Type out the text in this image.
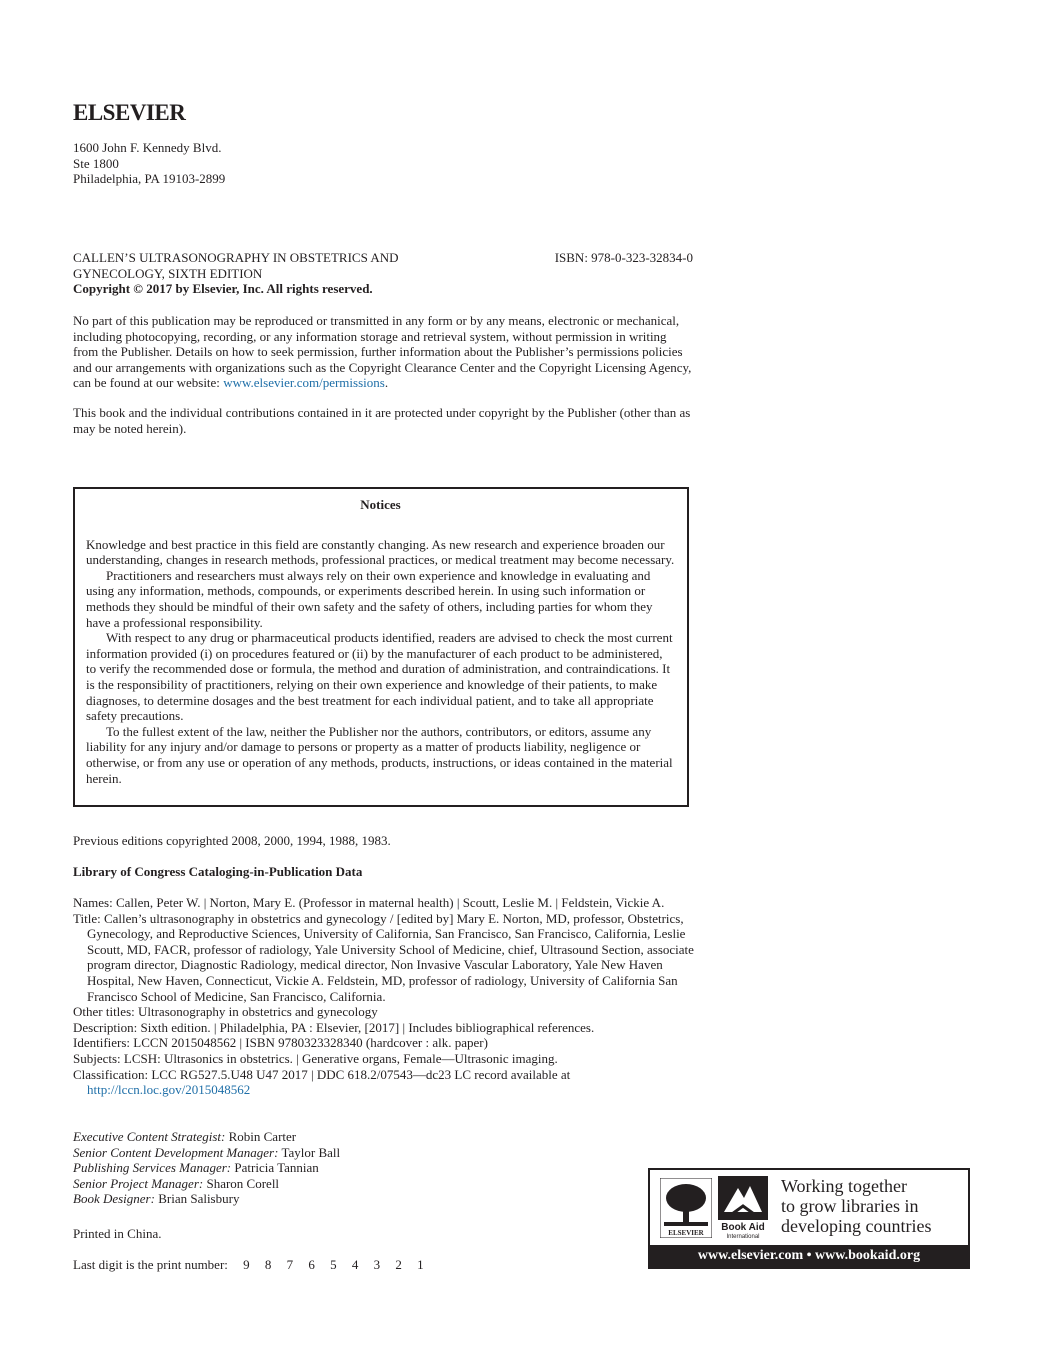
ELSEVIER
1600 John F. Kennedy Blvd.
Ste 1800
Philadelphia, PA 19103-2899
CALLEN’S ULTRASONOGRAPHY IN OBSTETRICS AND
GYNECOLOGY, SIXTH EDITION
Copyright © 2017 by Elsevier, Inc. All rights reserved.
ISBN: 978-0-323-32834-0
No part of this publication may be reproduced or transmitted in any form or by any means, electronic or mechanical, including photocopying, recording, or any information storage and retrieval system, without permission in writing from the Publisher. Details on how to seek permission, further information about the Publisher’s permissions policies and our arrangements with organizations such as the Copyright Clearance Center and the Copyright Licensing Agency, can be found at our website: www.elsevier.com/permissions.
This book and the individual contributions contained in it are protected under copyright by the Publisher (other than as may be noted herein).
Notices

Knowledge and best practice in this field are constantly changing. As new research and experience broaden our understanding, changes in research methods, professional practices, or medical treatment may become necessary.

Practitioners and researchers must always rely on their own experience and knowledge in evaluating and using any information, methods, compounds, or experiments described herein. In using such information or methods they should be mindful of their own safety and the safety of others, including parties for whom they have a professional responsibility.

With respect to any drug or pharmaceutical products identified, readers are advised to check the most current information provided (i) on procedures featured or (ii) by the manufacturer of each product to be administered, to verify the recommended dose or formula, the method and duration of administration, and contraindications. It is the responsibility of practitioners, relying on their own experience and knowledge of their patients, to make diagnoses, to determine dosages and the best treatment for each individual patient, and to take all appropriate safety precautions.

To the fullest extent of the law, neither the Publisher nor the authors, contributors, or editors, assume any liability for any injury and/or damage to persons or property as a matter of products liability, negligence or otherwise, or from any use or operation of any methods, products, instructions, or ideas contained in the material herein.

Previous editions copyrighted 2008, 2000, 1994, 1988, 1983.
Library of Congress Cataloging-in-Publication Data
Names: Callen, Peter W. | Norton, Mary E. (Professor in maternal health) | Scoutt, Leslie M. | Feldstein, Vickie A.
Title: Callen’s ultrasonography in obstetrics and gynecology / [edited by] Mary E. Norton, MD, professor, Obstetrics, Gynecology, and Reproductive Sciences, University of California, San Francisco, San Francisco, California, Leslie Scoutt, MD, FACR, professor of radiology, Yale University School of Medicine, chief, Ultrasound Section, associate program director, Diagnostic Radiology, medical director, Non Invasive Vascular Laboratory, Yale New Haven Hospital, New Haven, Connecticut, Vickie A. Feldstein, MD, professor of radiology, University of California San Francisco School of Medicine, San Francisco, California.
Other titles: Ultrasonography in obstetrics and gynecology
Description: Sixth edition. | Philadelphia, PA : Elsevier, [2017] | Includes bibliographical references.
Identifiers: LCCN 2015048562 | ISBN 9780323328340 (hardcover : alk. paper)
Subjects: LCSH: Ultrasonics in obstetrics. | Generative organs, Female—Ultrasonic imaging.
Classification: LCC RG527.5.U48 U47 2017 | DDC 618.2/07543—dc23 LC record available at
http://lccn.loc.gov/2015048562
Executive Content Strategist: Robin Carter
Senior Content Development Manager: Taylor Ball
Publishing Services Manager: Patricia Tannian
Senior Project Manager: Sharon Corell
Book Designer: Brian Salisbury
Printed in China.
Last digit is the print number: 9 8 7 6 5 4 3 2 1
ELSEVIER Book Aid
International
Working together
to grow libraries in
developing countries
www.elsevier.com • www.bookaid.org
